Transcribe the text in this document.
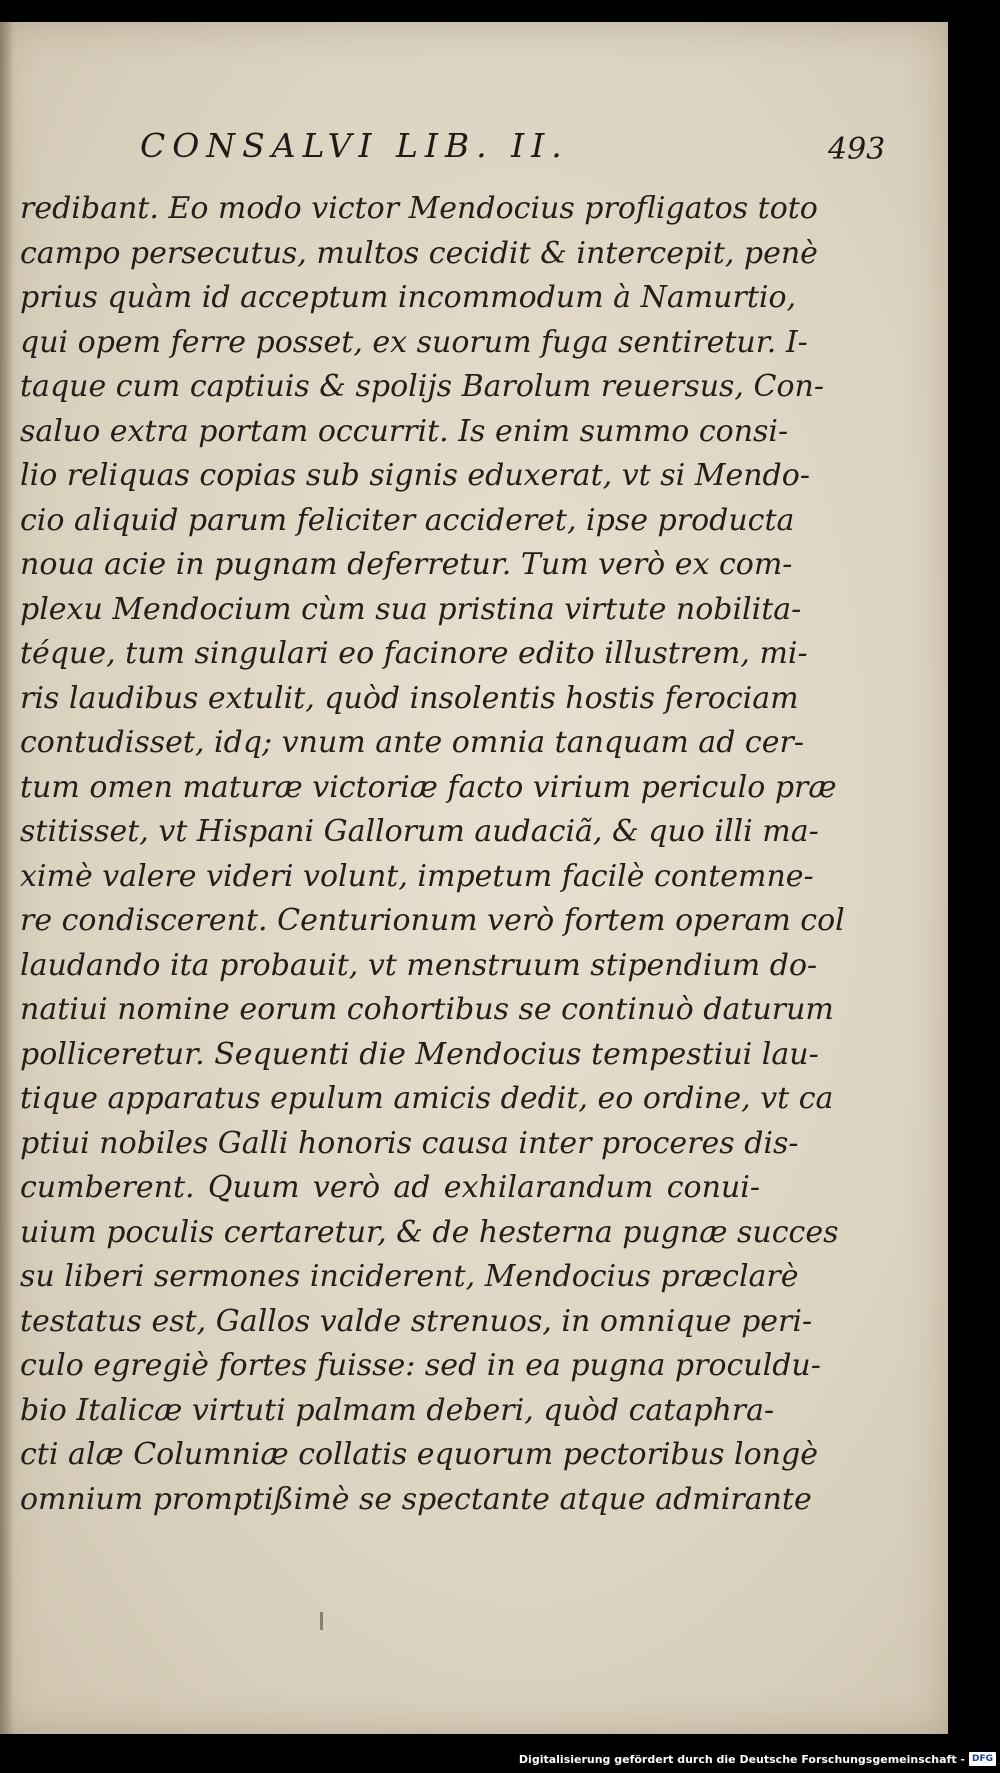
CONSALVI LIB. II.	493
redibant. Eo modo victor Mendocius profligatos toto
campo persecutus, multos cecidit & intercepit, penè
prius quàm id acceptum incommodum à Namurtio,
qui opem ferre posset, ex suorum fuga sentiretur. I-
taque cum captiuis & spolijs Barolum reuersus, Con-
saluo extra portam occurrit. Is enim summo consi-
lio reliquas copias sub signis eduxerat, vt si Mendo-
cio aliquid parum feliciter accideret, ipse producta
noua acie in pugnam deferretur. Tum verò ex com-
plexu Mendocium cùm sua pristina virtute nobilita-
téque, tum singulari eo facinore edito illustrem, mi-
ris laudibus extulit, quòd insolentis hostis ferociam
contudisset, idq; vnum ante omnia tanquam ad cer-
tum omen maturæ victoriæ facto virium periculo præ
stitisset, vt Hispani Gallorum audaciã, & quo illi ma-
ximè valere videri volunt, impetum facilè contemne-
re condiscerent. Centurionum verò fortem operam col
laudando ita probauit, vt menstruum stipendium do-
natiui nomine eorum cohortibus se continuò daturum
polliceretur. Sequenti die Mendocius tempestiui lau-
tique apparatus epulum amicis dedit, eo ordine, vt ca
ptiui nobiles Galli honoris causa inter proceres dis-
cumberent. Quum verò ad exhilarandum conui-
uium poculis certaretur, & de hesterna pugnæ succes
su liberi sermones inciderent, Mendocius præclarè
testatus est, Gallos valde strenuos, in omnique peri-
culo egregiè fortes fuisse: sed in ea pugna proculdu-
bio Italicæ virtuti palmam deberi, quòd cataphra-
cti alæ Columniæ collatis equorum pectoribus longè
omnium promptißimè se spectante atque admirante
Digitalisierung gefördert durch die Deutsche Forschungsgemeinschaft - DFG
